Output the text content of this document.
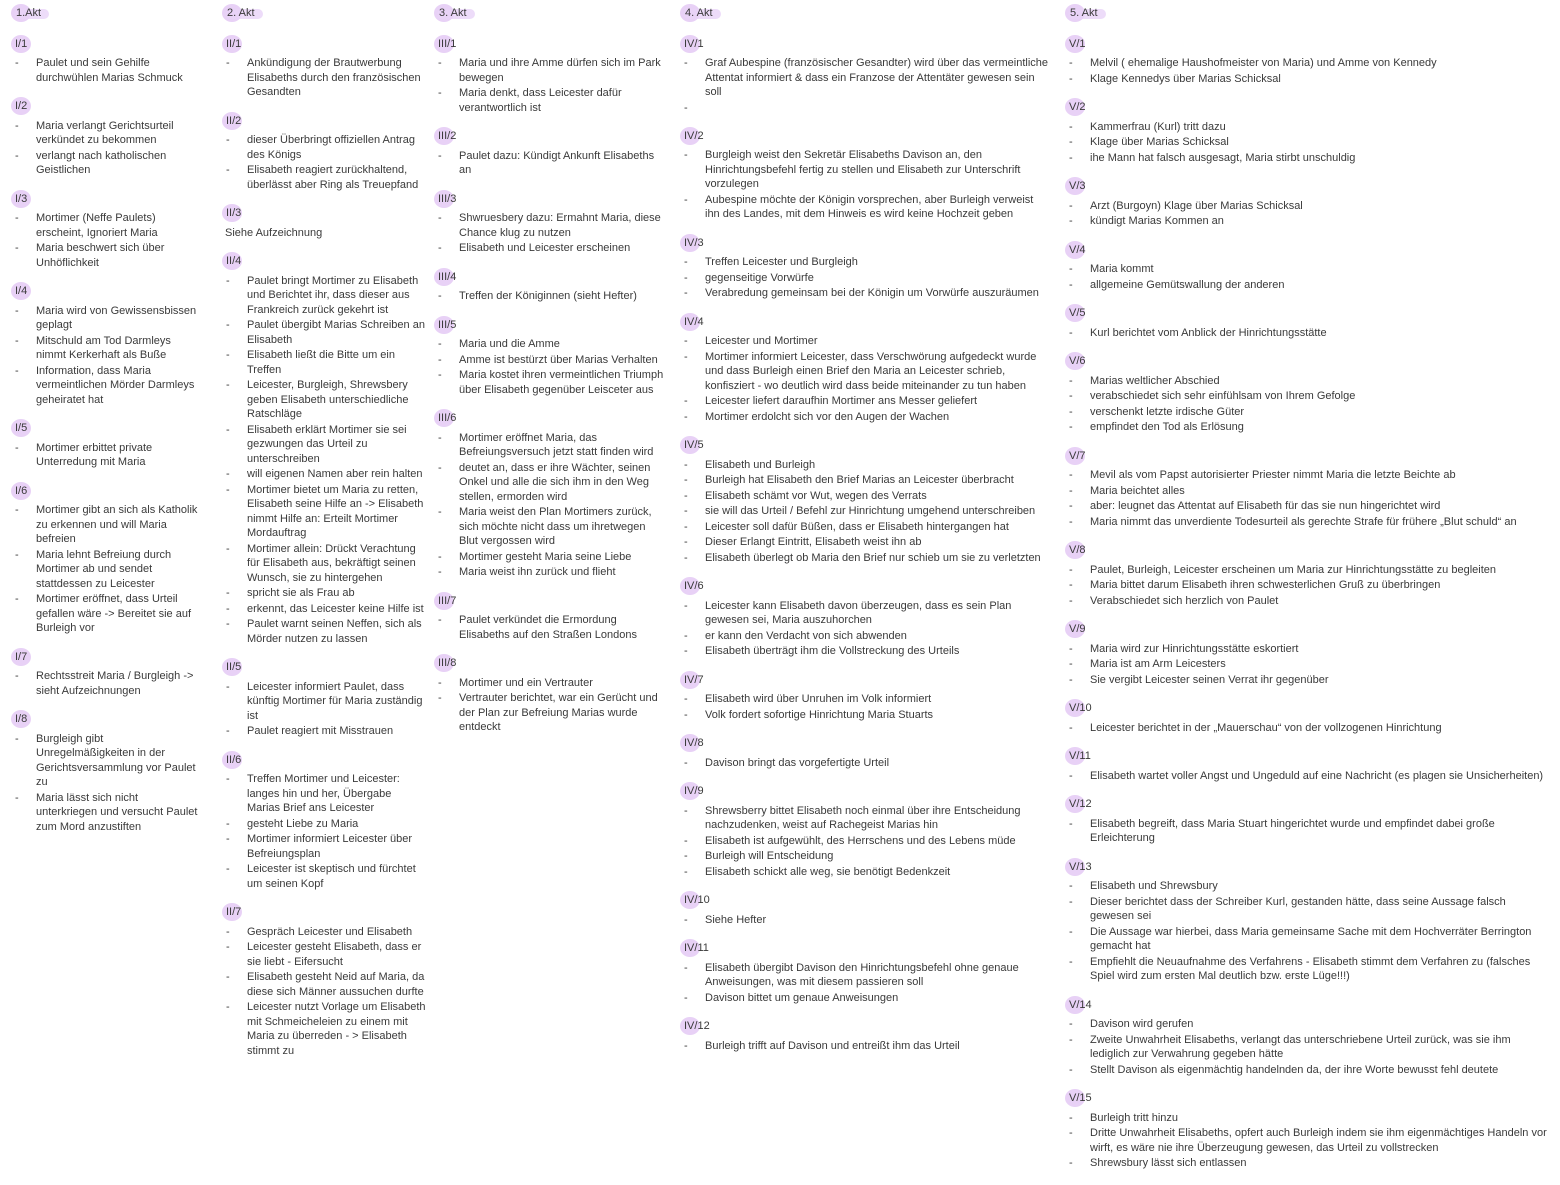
1.Akt
I/1
- Paulet und sein Gehilfe durchwühlen Marias Schmuck
I/2
- Maria verlangt Gerichtsurteil verkündet zu bekommen
- verlangt nach katholischen Geistlichen
I/3
- Mortimer (Neffe Paulets) erscheint, Ignoriert Maria
- Maria beschwert sich über Unhöflichkeit
I/4
- Maria wird von Gewissensbissen geplagt
- Mitschuld am Tod Darmleys nimmt Kerkerhaft als Buße
- Information, dass Maria vermeintlichen Mörder Darmleys geheiratet hat
I/5
- Mortimer erbittet private Unterredung mit Maria
I/6
- Mortimer gibt an sich als Katholik zu erkennen und will Maria befreien
- Maria lehnt Befreiung durch Mortimer ab und sendet stattdessen zu Leicester
- Mortimer eröffnet, dass Urteil gefallen wäre -> Bereitet sie auf Burleigh vor
I/7
- Rechtsstreit Maria / Burgleigh -> sieht Aufzeichnungen
I/8
- Burgleigh gibt Unregelmäßigkeiten in der Gerichtsversammlung vor Paulet zu
- Maria lässt sich nicht unterkriegen und versucht Paulet zum Mord anzustiften
2. Akt
II/1
- Ankündigung der Brautwerbung Elisabeths durch den französischen Gesandten
II/2
- dieser Überbringt offiziellen Antrag des Königs
- Elisabeth reagiert zurückhaltend, überlässt aber Ring als Treuepfand
II/3
Siehe Aufzeichnung
II/4
- Paulet bringt Mortimer zu Elisabeth und Berichtet ihr, dass dieser aus Frankreich zurück gekehrt ist
- Paulet übergibt Marias Schreiben an Elisabeth
- Elisabeth ließt die Bitte um ein Treffen
- Leicester, Burgleigh, Shrewsbery geben Elisabeth unterschiedliche Ratschläge
- Elisabeth erklärt Mortimer sie sei gezwungen das Urteil zu unterschreiben
- will eigenen Namen aber rein halten
- Mortimer bietet um Maria zu retten, Elisabeth seine Hilfe an -> Elisabeth nimmt Hilfe an: Erteilt Mortimer Mordauftrag
- Mortimer allein: Drückt Verachtung für Elisabeth aus, bekräftigt seinen Wunsch, sie zu hintergehen
- spricht sie als Frau ab
- erkennt, das Leicester keine Hilfe ist
- Paulet warnt seinen Neffen, sich als Mörder nutzen zu lassen
II/5
- Leicester informiert Paulet, dass künftig Mortimer für Maria zuständig ist
- Paulet reagiert mit Misstrauen
II/6
- Treffen Mortimer und Leicester: langes hin und her, Übergabe Marias Brief ans Leicester
- gesteht Liebe zu Maria
- Mortimer informiert Leicester über Befreiungsplan
- Leicester ist skeptisch und fürchtet um seinen Kopf
II/7
- Gespräch Leicester und Elisabeth
- Leicester gesteht Elisabeth, dass er sie liebt - Eifersucht
- Elisabeth gesteht Neid auf Maria, da diese sich Männer aussuchen durfte
- Leicester nutzt Vorlage um Elisabeth mit Schmeicheleien zu einem mit Maria zu überreden - > Elisabeth stimmt zu
3. Akt
III/1
- Maria und ihre Amme dürfen sich im Park bewegen
- Maria denkt, dass Leicester dafür verantwortlich ist
III/2
- Paulet dazu: Kündigt Ankunft Elisabeths an
III/3
- Shwruesbery dazu: Ermahnt Maria, diese Chance klug zu nutzen
- Elisabeth und Leicester erscheinen
III/4
- Treffen der Königinnen (sieht Hefter)
III/5
- Maria und die Amme
- Amme ist bestürzt über Marias Verhalten
- Maria kostet ihren vermeintlichen Triumph über Elisabeth gegenüber Leisceter aus
III/6
- Mortimer eröffnet Maria, das Befreiungsversuch jetzt statt finden wird
- deutet an, dass er ihre Wächter, seinen Onkel und alle die sich ihm in den Weg stellen, ermorden wird
- Maria weist den Plan Mortimers zurück, sich möchte nicht dass um ihretwegen Blut vergossen wird
- Mortimer gesteht Maria seine Liebe
- Maria weist ihn zurück und flieht
III/7
- Paulet verkündet die Ermordung Elisabeths auf den Straßen Londons
III/8
- Mortimer und ein Vertrauter
- Vertrauter berichtet, war ein Gerücht und der Plan zur Befreiung Marias wurde entdeckt
4. Akt
IV/1
- Graf Aubespine (französischer Gesandter) wird über das vermeintliche Attentat informiert & dass ein Franzose der Attentäter gewesen sein soll
-
IV/2
- Burgleigh weist den Sekretär Elisabeths Davison an, den Hinrichtungsbefehl fertig zu stellen und Elisabeth zur Unterschrift vorzulegen
- Aubespine möchte der Königin vorsprechen, aber Burleigh verweist ihn des Landes, mit dem Hinweis es wird keine Hochzeit geben
IV/3
- Treffen Leicester und Burgleigh
- gegenseitige Vorwürfe
- Verabredung gemeinsam bei der Königin um Vorwürfe auszuräumen
IV/4
- Leicester und Mortimer
- Mortimer informiert Leicester, dass Verschwörung aufgedeckt wurde und dass Burleigh einen Brief den Maria an Leicester schrieb, konfisziert - wo deutlich wird dass beide miteinander zu tun haben
- Leicester liefert daraufhin Mortimer ans Messer geliefert
- Mortimer erdolcht sich vor den Augen der Wachen
IV/5
- Elisabeth und Burleigh
- Burleigh hat Elisabeth den Brief Marias an Leicester überbracht
- Elisabeth schämt vor Wut, wegen des Verrats
- sie will das Urteil / Befehl zur Hinrichtung umgehend unterschreiben
- Leicester soll dafür Büßen, dass er Elisabeth hintergangen hat
- Dieser Erlangt Eintritt, Elisabeth weist ihn ab
- Elisabeth überlegt ob Maria den Brief nur schieb um sie zu verletzten
IV/6
- Leicester kann Elisabeth davon überzeugen, dass es sein Plan gewesen sei, Maria auszuhorchen
- er kann den Verdacht von sich abwenden
- Elisabeth überträgt ihm die Vollstreckung des Urteils
IV/7
- Elisabeth wird über Unruhen im Volk informiert
- Volk fordert sofortige Hinrichtung Maria Stuarts
IV/8
- Davison bringt das vorgefertigte Urteil
IV/9
- Shrewsberry bittet Elisabeth noch einmal über ihre Entscheidung nachzudenken, weist auf Rachegeist Marias hin
- Elisabeth ist aufgewühlt, des Herrschens und des Lebens müde
- Burleigh will Entscheidung
- Elisabeth schickt alle weg, sie benötigt Bedenkzeit
IV/10
- Siehe Hefter
IV/11
- Elisabeth übergibt Davison den Hinrichtungsbefehl ohne genaue Anweisungen, was mit diesem passieren soll
- Davison bittet um genaue Anweisungen
IV/12
- Burleigh trifft auf Davison und entreißt ihm das Urteil
5. Akt
V/1
- Melvil ( ehemalige Haushofmeister von Maria) und Amme von Kennedy
- Klage Kennedys über Marias Schicksal
V/2
- Kammerfrau (Kurl) tritt dazu
- Klage über Marias Schicksal
- ihe Mann hat falsch ausgesagt, Maria stirbt unschuldig
V/3
- Arzt (Burgoyn) Klage über Marias Schicksal
- kündigt Marias Kommen an
V/4
- Maria kommt
- allgemeine Gemütswallung der anderen
V/5
- Kurl berichtet vom Anblick der Hinrichtungsstätte
V/6
- Marias weltlicher Abschied
- verabschiedet sich sehr einfühlsam von Ihrem Gefolge
- verschenkt letzte irdische Güter
- empfindet den Tod als Erlösung
V/7
- Mevil als vom Papst autorisierter Priester nimmt Maria die letzte Beichte ab
- Maria beichtet alles
- aber: leugnet das Attentat auf Elisabeth für das sie nun hingerichtet wird
- Maria nimmt das unverdiente Todesurteil als gerechte Strafe für frühere „Blut schuld“ an
V/8
- Paulet, Burleigh, Leicester erscheinen um Maria zur Hinrichtungsstätte zu begleiten
- Maria bittet darum Elisabeth ihren schwesterlichen Gruß zu überbringen
- Verabschiedet sich herzlich von Paulet
V/9
- Maria wird zur Hinrichtungsstätte eskortiert
- Maria ist am Arm Leicesters
- Sie vergibt Leicester seinen Verrat ihr gegenüber
V/10
- Leicester berichtet in der „Mauerschau“ von der vollzogenen Hinrichtung
V/11
- Elisabeth wartet voller Angst und Ungeduld auf eine Nachricht (es plagen sie Unsicherheiten)
V/12
- Elisabeth begreift, dass Maria Stuart hingerichtet wurde und empfindet dabei große Erleichterung
V/13
- Elisabeth und Shrewsbury
- Dieser berichtet dass der Schreiber Kurl, gestanden hätte, dass seine Aussage falsch gewesen sei
- Die Aussage war hierbei, dass Maria gemeinsame Sache mit dem Hochverräter Berrington gemacht hat
- Empfiehlt die Neuaufnahme des Verfahrens - Elisabeth stimmt dem Verfahren zu (falsches Spiel wird zum ersten Mal deutlich bzw. erste Lüge!!!)
V/14
- Davison wird gerufen
- Zweite Unwahrheit Elisabeths, verlangt das unterschriebene Urteil zurück, was sie ihm lediglich zur Verwahrung gegeben hätte
- Stellt Davison als eigenmächtig handelnden da, der ihre Worte bewusst fehl deutete
V/15
- Burleigh tritt hinzu
- Dritte Unwahrheit Elisabeths, opfert auch Burleigh indem sie ihm eigenmächtiges Handeln vor wirft, es wäre nie ihre Überzeugung gewesen, das Urteil zu vollstrecken
- Shrewsbury lässt sich entlassen
